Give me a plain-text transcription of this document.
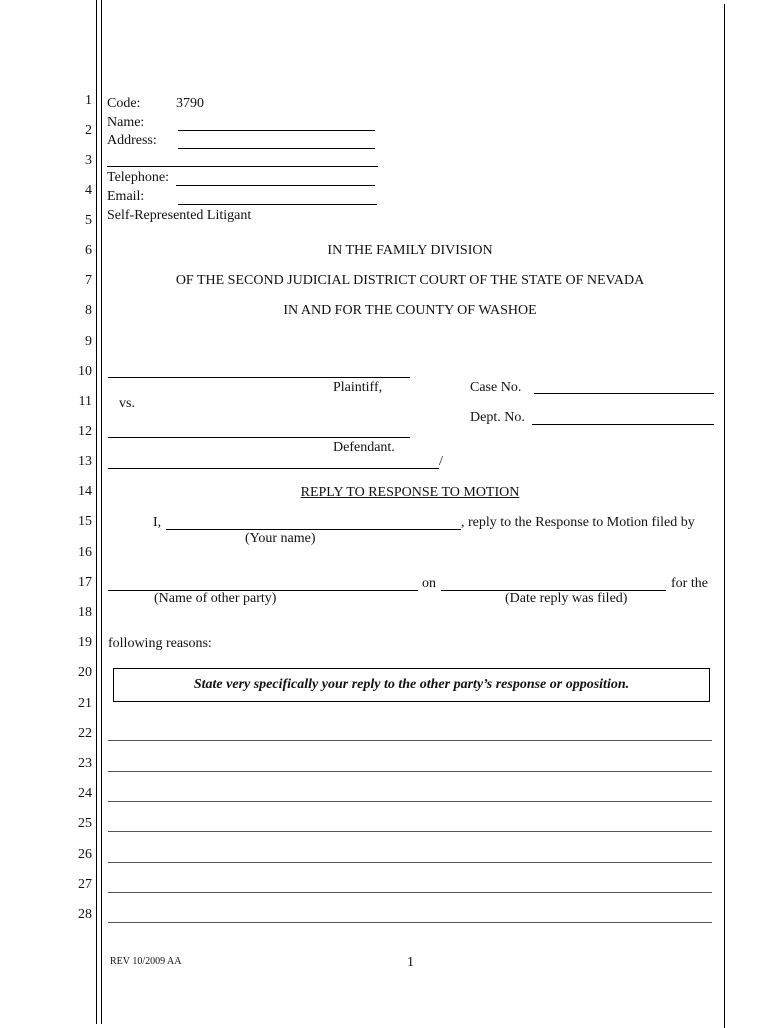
1
2
3
4
5
6
7
8
9
10
11
12
13
14
15
16
17
18
19
20
21
22
23
24
25
26
27
28
Code:	3790
Name:
Address:
Telephone:
Email:
Self-Represented Litigant
IN THE FAMILY DIVISION
OF THE SECOND JUDICIAL DISTRICT COURT OF THE STATE OF NEVADA
IN AND FOR THE COUNTY OF WASHOE
Plaintiff,	Case No.
vs.
Dept. No.
Defendant.
/
REPLY TO RESPONSE TO MOTION
I,	, reply to the Response to Motion filed by
(Your name)
on	for the
(Name of other party)	(Date reply was filed)
following reasons:
State very specifically your reply to the other party’s response or opposition.
REV 10/2009 AA	1
